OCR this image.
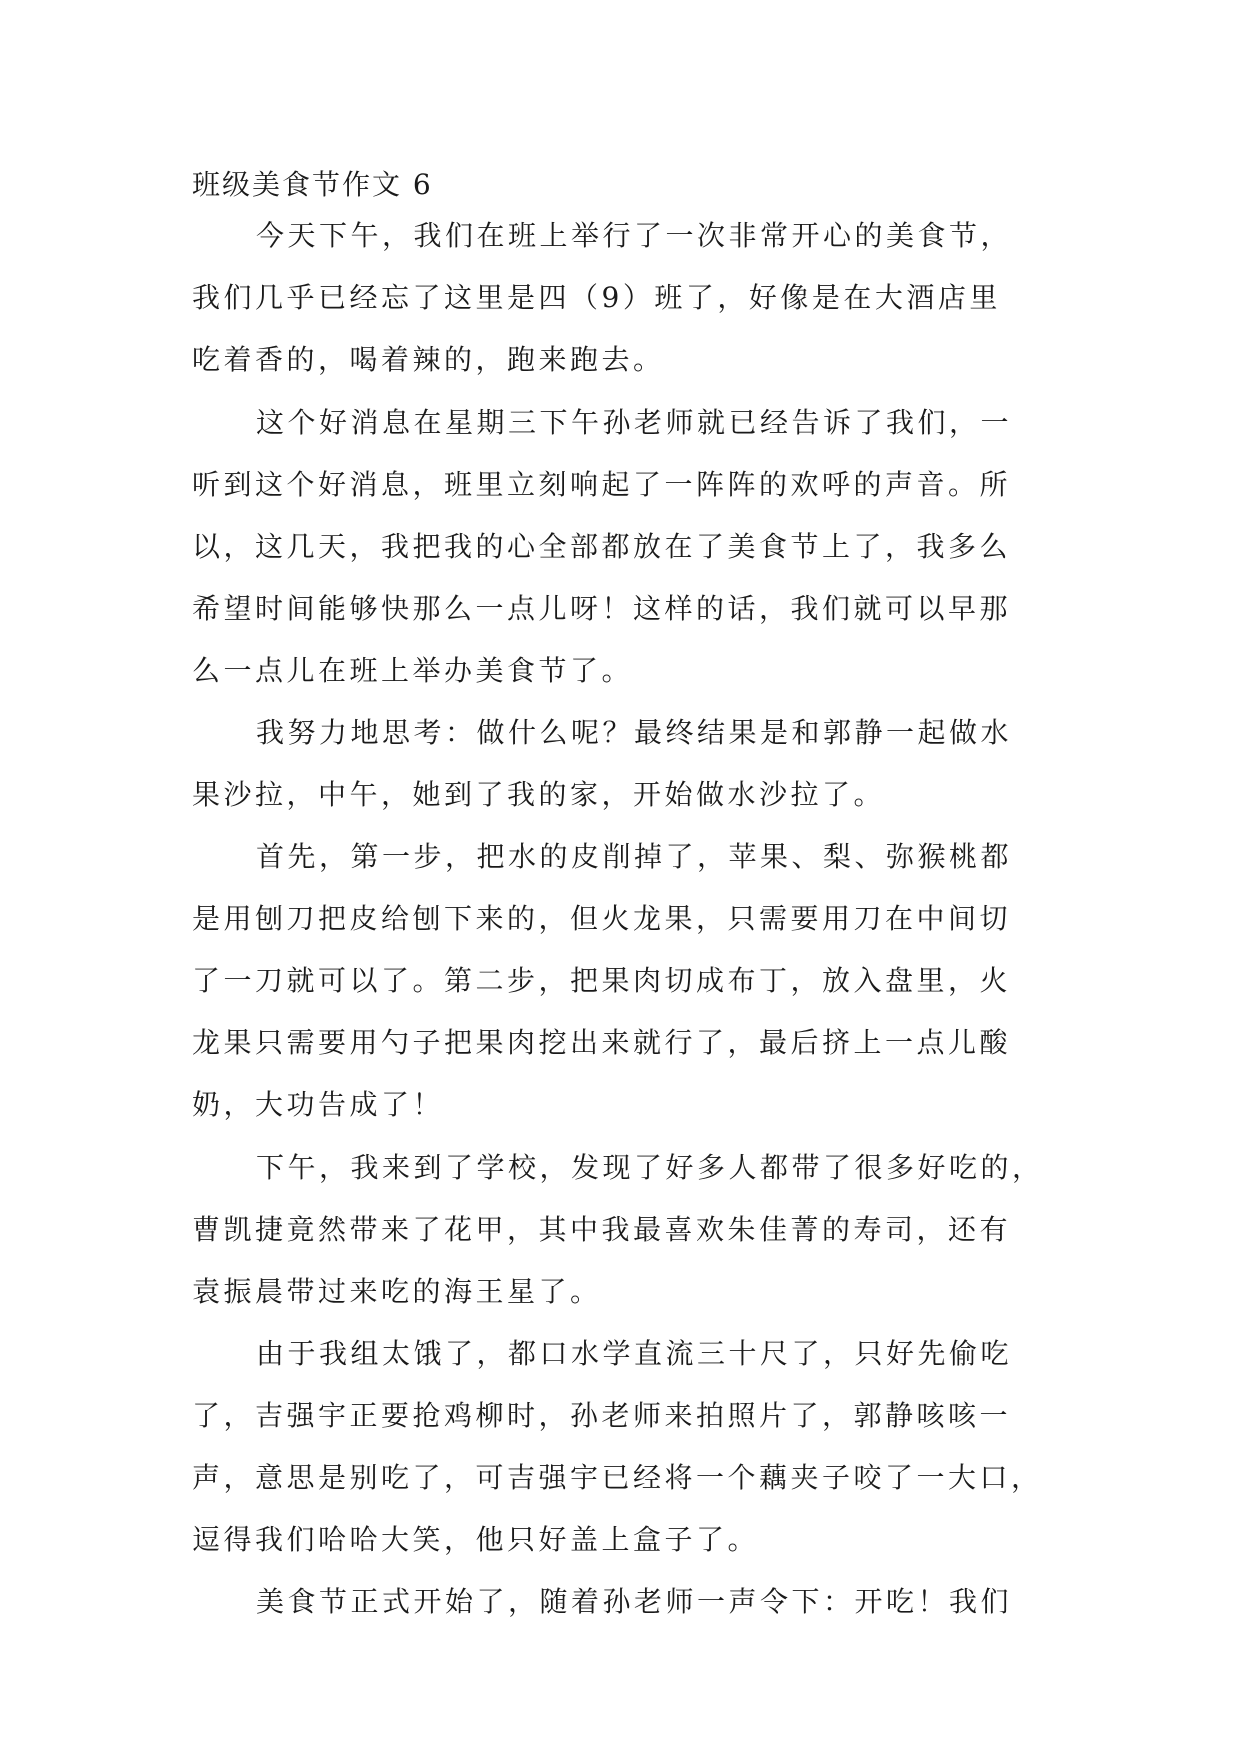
班级美食节作文 6
今天下午，我们在班上举行了一次非常开心的美食节，
我们几乎已经忘了这里是四（9）班了，好像是在大酒店里
吃着香的，喝着辣的，跑来跑去。
这个好消息在星期三下午孙老师就已经告诉了我们，一
听到这个好消息，班里立刻响起了一阵阵的欢呼的声音。所
以，这几天，我把我的心全部都放在了美食节上了，我多么
希望时间能够快那么一点儿呀！这样的话，我们就可以早那
么一点儿在班上举办美食节了。
我努力地思考：做什么呢？最终结果是和郭静一起做水
果沙拉，中午，她到了我的家，开始做水沙拉了。
首先，第一步，把水的皮削掉了，苹果、梨、弥猴桃都
是用刨刀把皮给刨下来的，但火龙果，只需要用刀在中间切
了一刀就可以了。第二步，把果肉切成布丁，放入盘里，火
龙果只需要用勺子把果肉挖出来就行了，最后挤上一点儿酸
奶，大功告成了！
下午，我来到了学校，发现了好多人都带了很多好吃的，
曹凯捷竟然带来了花甲，其中我最喜欢朱佳菁的寿司，还有
袁振晨带过来吃的海王星了。
由于我组太饿了，都口水学直流三十尺了，只好先偷吃
了，吉强宇正要抢鸡柳时，孙老师来拍照片了，郭静咳咳一
声，意思是别吃了，可吉强宇已经将一个藕夹子咬了一大口，
逗得我们哈哈大笑，他只好盖上盒子了。
美食节正式开始了，随着孙老师一声令下：开吃！我们
